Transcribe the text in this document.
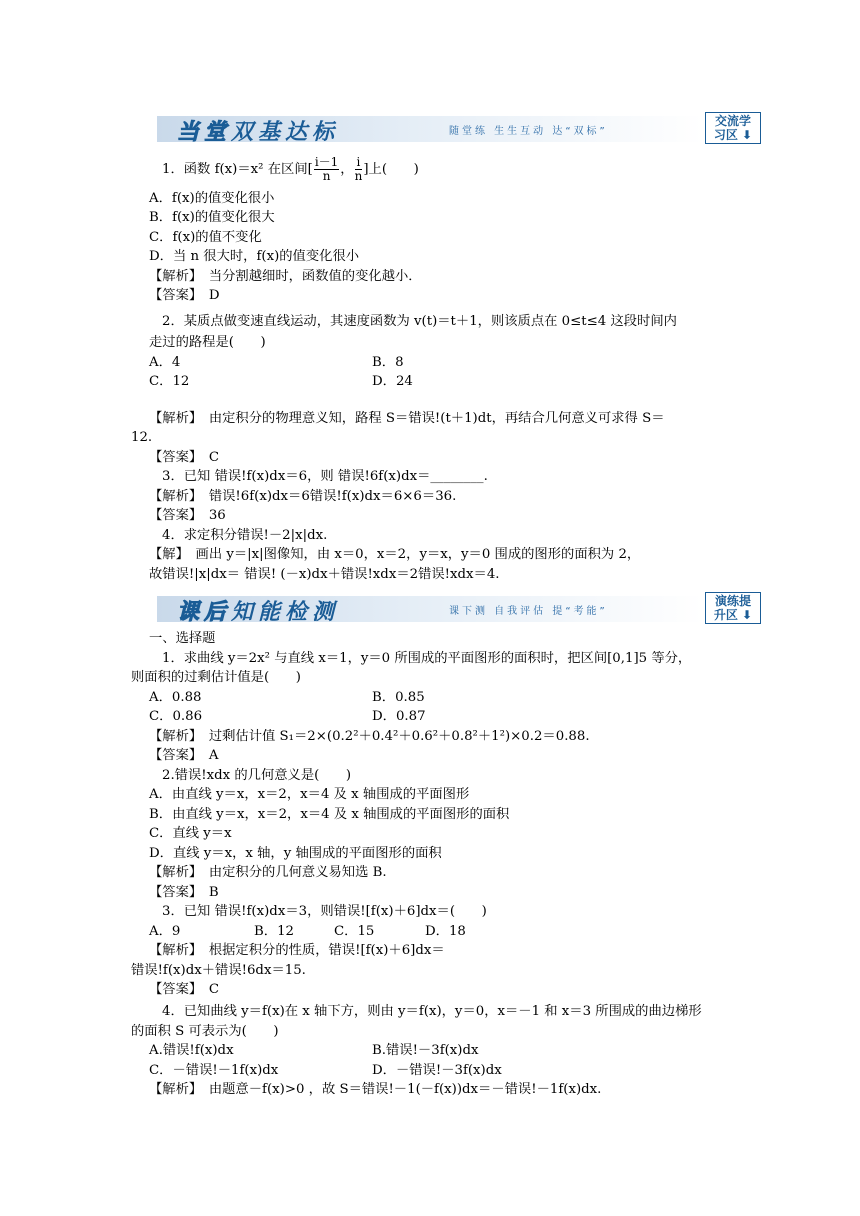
当堂双基达标	随堂练 生生互动 达“双标”
交流学
习区 ⬇
1．函数 f(x)＝x² 在区间[ $\frac{i-1}{n}$ ， $\frac{i}{n}$ ]上(　　)
A．f(x)的值变化很小
B．f(x)的值变化很大
C．f(x)的值不变化
D．当 n 很大时，f(x)的值变化很小
【解析】　当分割越细时，函数值的变化越小．
【答案】　D
2．某质点做变速直线运动，其速度函数为 v(t)＝t＋1，则该质点在 0≤t≤4 这段时间内
走过的路程是(　　)
A．4	B．8
C．12	D．24
【解析】　由定积分的物理意义知，路程 S＝错误!(t＋1)dt，再结合几何意义可求得 S＝
12.
【答案】　C
3．已知 错误!f(x)dx＝6，则 错误!6f(x)dx＝________.
【解析】　错误!6f(x)dx＝6错误!f(x)dx＝6×6＝36.
【答案】　36
4．求定积分错误!－2|x|dx.
【解】　画出 y＝|x|图像知，由 x＝0，x＝2，y＝x，y＝0 围成的图形的面积为 2，
故错误!|x|dx＝ 错误! (－x)dx＋错误!xdx＝2错误!xdx＝4.
课后知能检测	课下测 自我评估 提“考能”
演练提
升区 ⬇
一、选择题
1．求曲线 y＝2x² 与直线 x＝1，y＝0 所围成的平面图形的面积时，把区间[0,1]5 等分，
则面积的过剩估计值是(　　)
A．0.88	B．0.85
C．0.86	D．0.87
【解析】　过剩估计值 S₁＝2×(0.2²＋0.4²＋0.6²＋0.8²＋1²)×0.2＝0.88.
【答案】　A
2.错误!xdx 的几何意义是(　　)
A．由直线 y＝x，x＝2，x＝4 及 x 轴围成的平面图形
B．由直线 y＝x，x＝2，x＝4 及 x 轴围成的平面图形的面积
C．直线 y＝x
D．直线 y＝x，x 轴，y 轴围成的平面图形的面积
【解析】　由定积分的几何意义易知选 B.
【答案】　B
3．已知 错误!f(x)dx＝3，则错误![f(x)＋6]dx＝(　　)
A．9	B．12	C．15	D．18
【解析】　根据定积分的性质，错误![f(x)＋6]dx＝
错误!f(x)dx＋错误!6dx＝15.
【答案】　C
4．已知曲线 y＝f(x)在 x 轴下方，则由 y＝f(x)，y＝0，x＝－1 和 x＝3 所围成的曲边梯形
的面积 S 可表示为(　　)
A.错误!f(x)dx	B.错误!－3f(x)dx
C．－错误!－1f(x)dx	D．－错误!－3f(x)dx
【解析】　由题意－f(x)>0 ，故 S＝错误!－1(－f(x))dx＝－错误!－1f(x)dx.
